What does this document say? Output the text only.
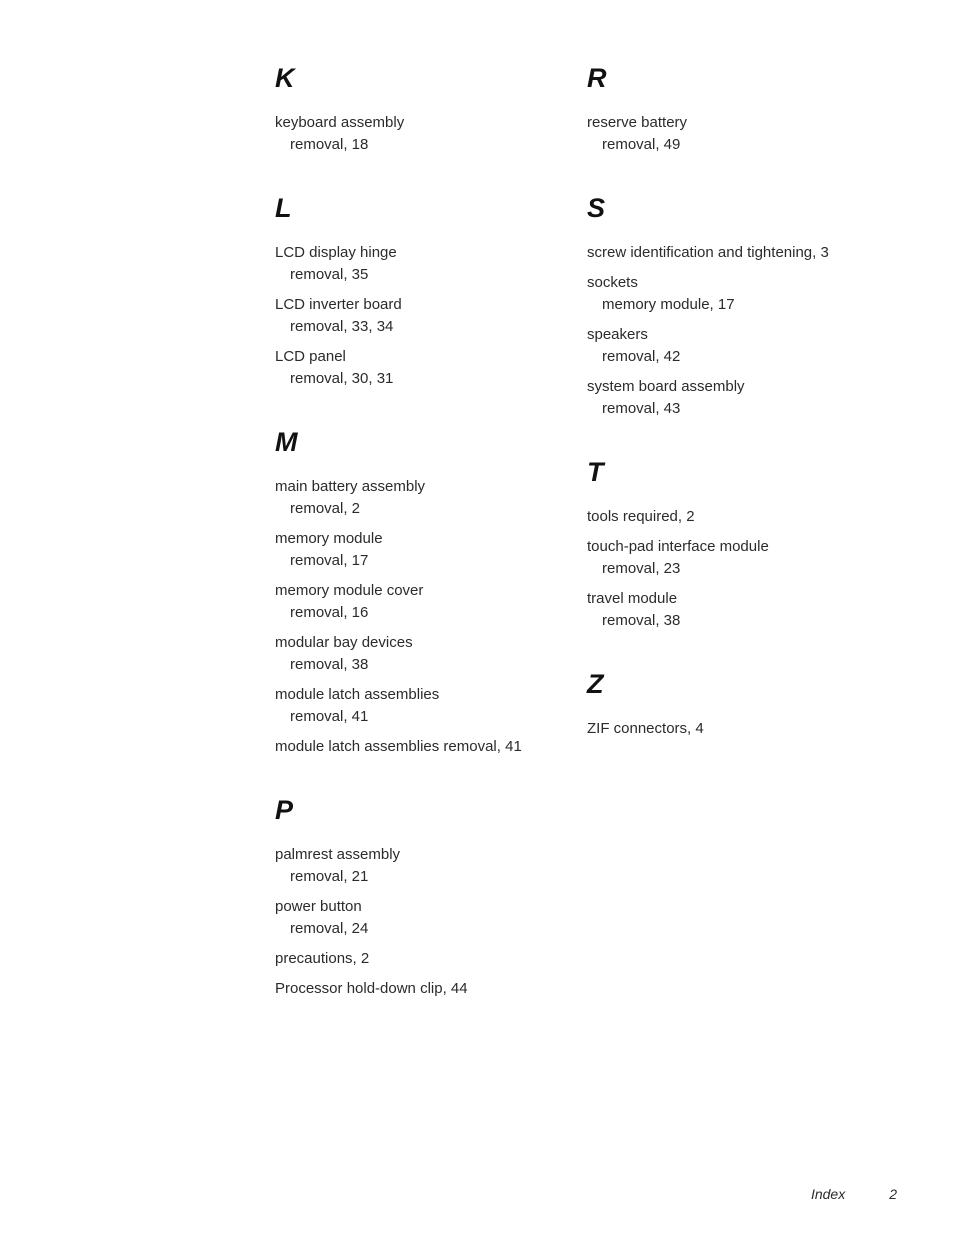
K
keyboard assembly
removal, 18
L
LCD display hinge
removal, 35
LCD inverter board
removal, 33, 34
LCD panel
removal, 30, 31
M
main battery assembly
removal, 2
memory module
removal, 17
memory module cover
removal, 16
modular bay devices
removal, 38
module latch assemblies
removal, 41
module latch assemblies removal, 41
P
palmrest assembly
removal, 21
power button
removal, 24
precautions, 2
Processor hold-down clip, 44
R
reserve battery
removal, 49
S
screw identification and tightening, 3
sockets
memory module, 17
speakers
removal, 42
system board assembly
removal, 43
T
tools required, 2
touch-pad interface module
removal, 23
travel module
removal, 38
Z
ZIF connectors, 4
Index	2
